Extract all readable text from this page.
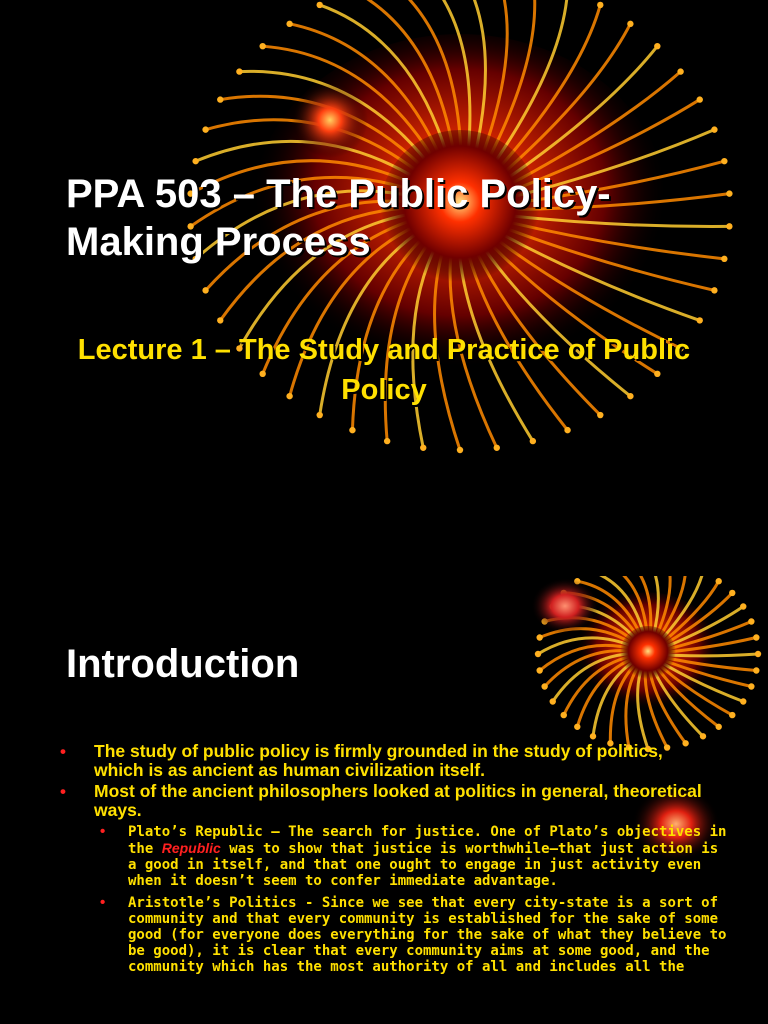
PPA 503 – The Public Policy-Making Process
Lecture 1 – The Study and Practice of Public Policy
Introduction
• The study of public policy is firmly grounded in the study of politics, which is as ancient as human civilization itself.
• Most of the ancient philosophers looked at politics in general, theoretical ways.
• Plato’s Republic – The search for justice. One of Plato’s objectives in the Republic was to show that justice is worthwhile—that just action is a good in itself, and that one ought to engage in just activity even when it doesn’t seem to confer immediate advantage.
• Aristotle’s Politics - Since we see that every city-state is a sort of community and that every community is established for the sake of some good (for everyone does everything for the sake of what they believe to be good), it is clear that every community aims at some good, and the community which has the most authority of all and includes all the
